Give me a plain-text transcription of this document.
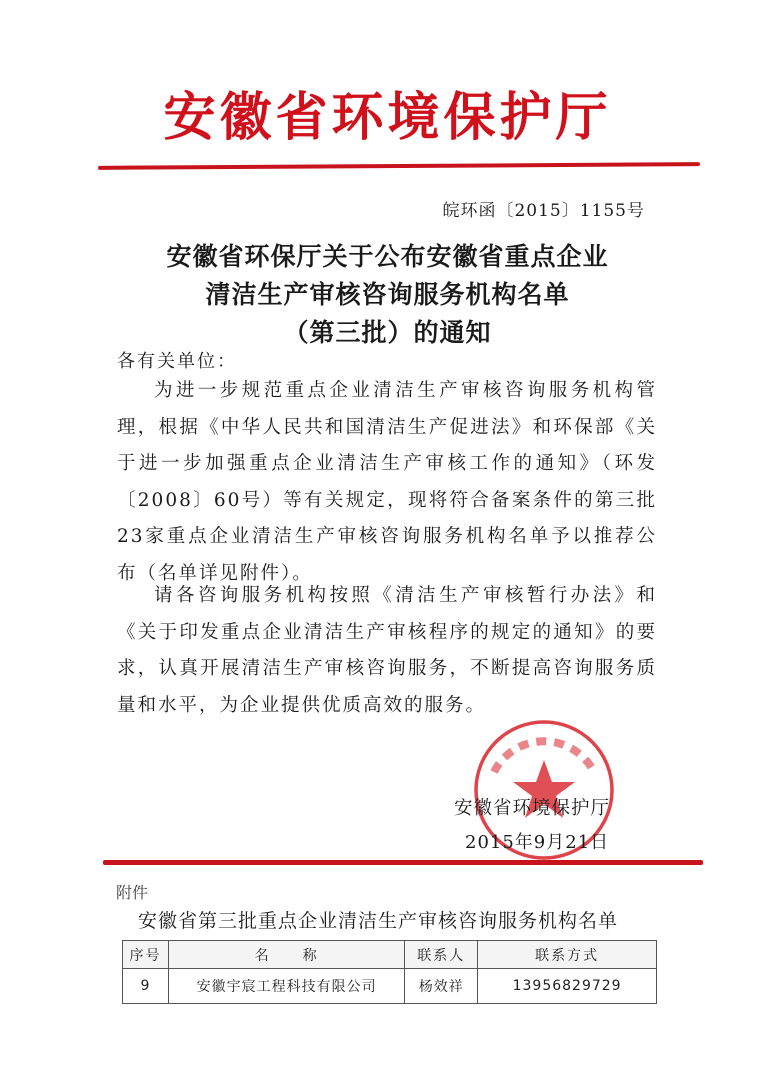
安徽省环境保护厅
皖环函〔2015〕1155号
安徽省环保厅关于公布安徽省重点企业
清洁生产审核咨询服务机构名单
（第三批）的通知
各有关单位：
为进一步规范重点企业清洁生产审核咨询服务机构管理，根据《中华人民共和国清洁生产促进法》和环保部《关于进一步加强重点企业清洁生产审核工作的通知》（环发〔2008〕60号）等有关规定，现将符合备案条件的第三批23家重点企业清洁生产审核咨询服务机构名单予以推荐公布（名单详见附件）。
请各咨询服务机构按照《清洁生产审核暂行办法》和《关于印发重点企业清洁生产审核程序的规定的通知》的要求，认真开展清洁生产审核咨询服务，不断提高咨询服务质量和水平，为企业提供优质高效的服务。
安徽省环境保护厅
2015年9月21日
附件
安徽省第三批重点企业清洁生产审核咨询服务机构名单
序号	名　　称	联系人	联系方式
9	安徽宇宸工程科技有限公司	杨效祥	13956829729
